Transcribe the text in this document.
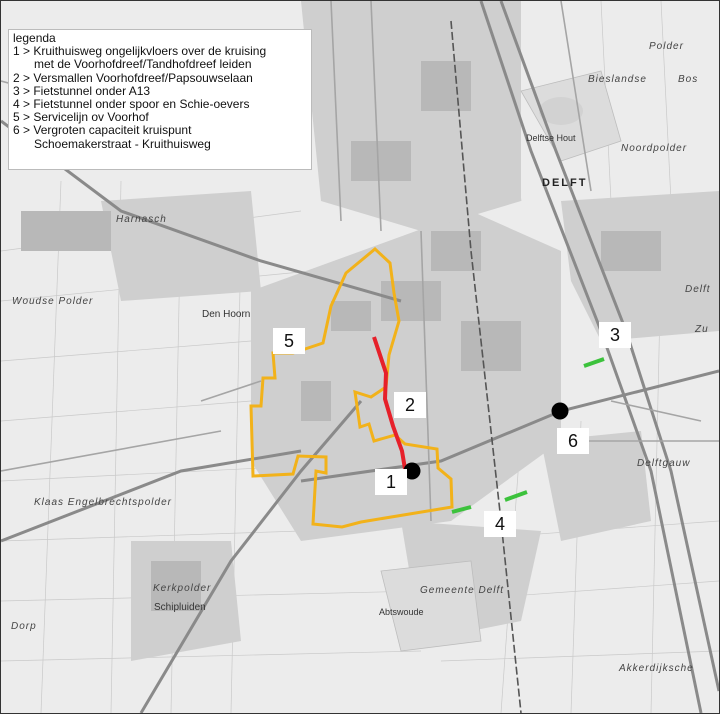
DELFT
Den Hoorn
Schipluiden
Delftgauw
Delftse Hout
Woudse Polder
Harnasch
Klaas Engelbrechtspolder
Kerkpolder
Akkerdijksche
Dorp
Polder
Bieslandse	Bos
Noordpolder
Gemeente Delft
Abtswoude
Delft
Zu
legenda
1 > Kruithuisweg ongelijkvloers over de kruising
met de Voorhofdreef/Tandhofdreef leiden
2 > Versmallen Voorhofdreef/Papsouwselaan
3 > Fietstunnel onder A13
4 > Fietstunnel onder spoor en Schie-oevers
5 > Servicelijn ov Voorhof
6 > Vergroten capaciteit kruispunt
Schoemakerstraat - Kruithuisweg
1
2
3
4
5
6
